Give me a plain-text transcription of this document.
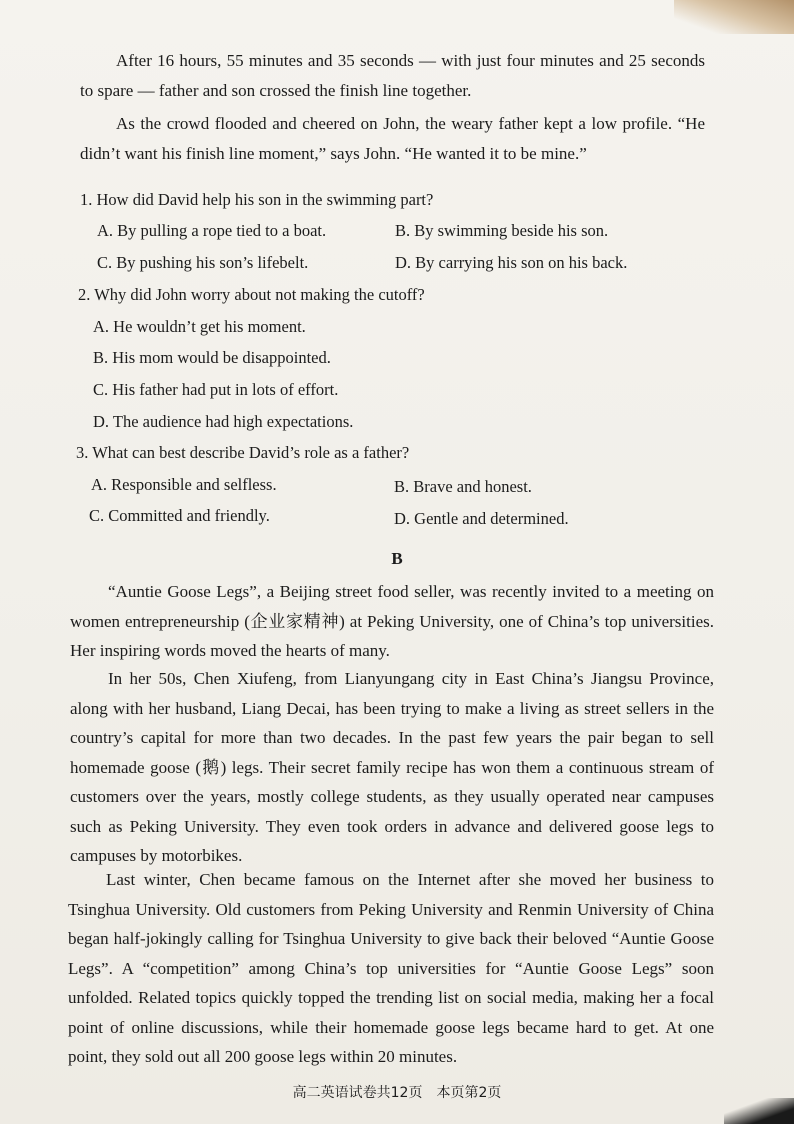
After 16 hours, 55 minutes and 35 seconds — with just four minutes and 25 seconds to spare — father and son crossed the finish line together.

As the crowd flooded and cheered on John, the weary father kept a low profile. “He didn’t want his finish line moment,” says John. “He wanted it to be mine.”

1. How did David help his son in the swimming part?

A. By pulling a rope tied to a boat.	B. By swimming beside his son.

C. By pushing his son’s lifebelt.	D. By carrying his son on his back.

2. Why did John worry about not making the cutoff?

A. He wouldn’t get his moment.

B. His mom would be disappointed.

C. His father had put in lots of effort.

D. The audience had high expectations.

3. What can best describe David’s role as a father?

A. Responsible and selfless.	B. Brave and honest.

C. Committed and friendly.	D. Gentle and determined.

B

“Auntie Goose Legs”, a Beijing street food seller, was recently invited to a meeting on women entrepreneurship (企业家精神) at Peking University, one of China’s top universities. Her inspiring words moved the hearts of many.

In her 50s, Chen Xiufeng, from Lianyungang city in East China’s Jiangsu Province, along with her husband, Liang Decai, has been trying to make a living as street sellers in the country’s capital for more than two decades. In the past few years the pair began to sell homemade goose (鹅) legs. Their secret family recipe has won them a continuous stream of customers over the years, mostly college students, as they usually operated near campuses such as Peking University. They even took orders in advance and delivered goose legs to campuses by motorbikes.

Last winter, Chen became famous on the Internet after she moved her business to Tsinghua University. Old customers from Peking University and Renmin University of China began half-jokingly calling for Tsinghua University to give back their beloved “Auntie Goose Legs”. A “competition” among China’s top universities for “Auntie Goose Legs” soon unfolded. Related topics quickly topped the trending list on social media, making her a focal point of online discussions, while their homemade goose legs became hard to get. At one point, they sold out all 200 goose legs within 20 minutes.

高二英语试卷共12页　本页第2页
